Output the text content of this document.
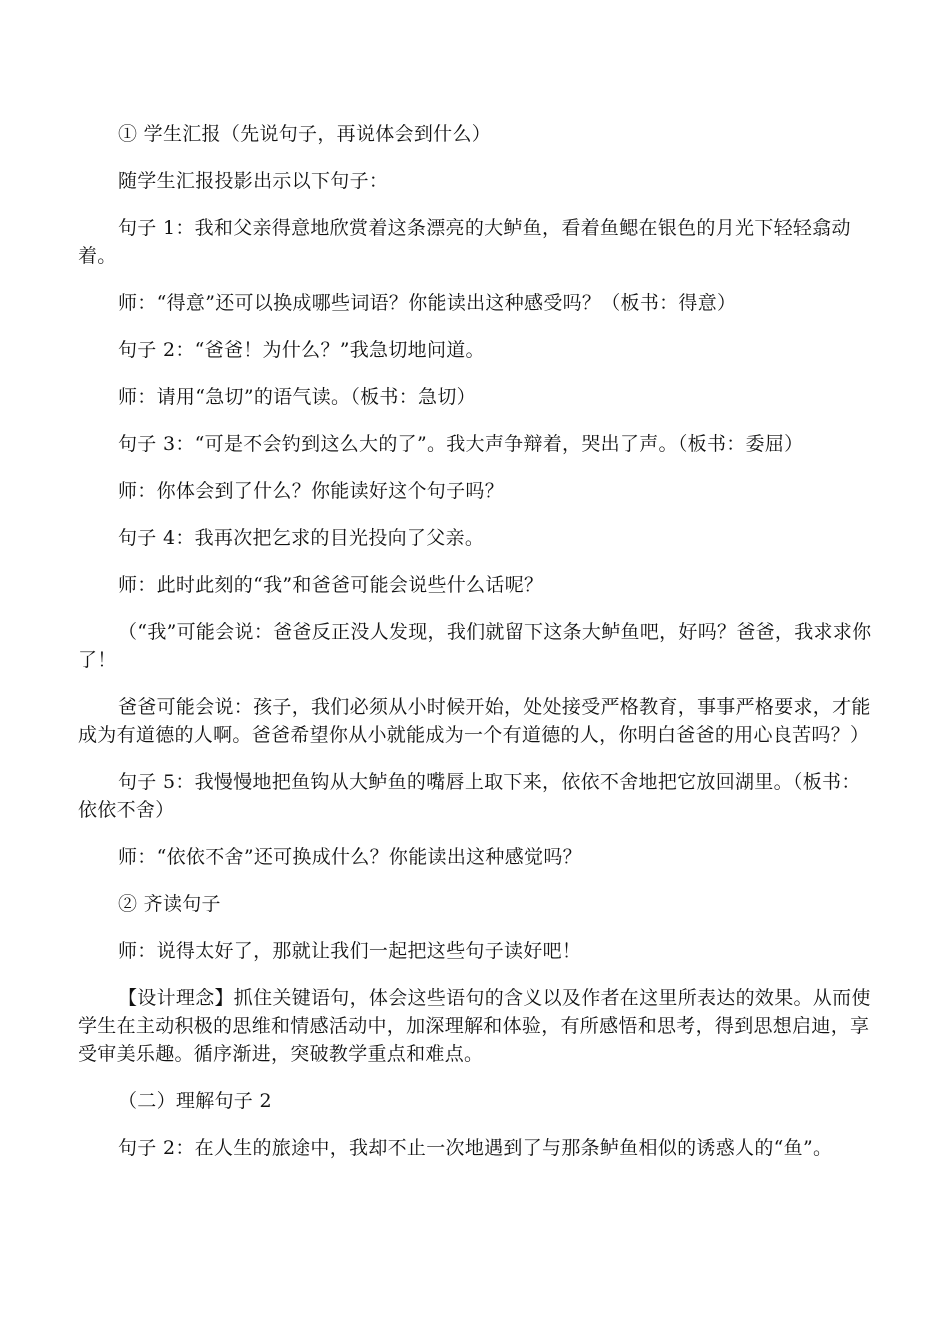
① 学生汇报（先说句子，再说体会到什么）

随学生汇报投影出示以下句子：

句子 1：我和父亲得意地欣赏着这条漂亮的大鲈鱼，看着鱼鳃在银色的月光下轻轻翕动着。

师：“得意”还可以换成哪些词语？你能读出这种感受吗？（板书：得意）

句子 2：“爸爸！为什么？”我急切地问道。

师：请用“急切”的语气读。（板书：急切）

句子 3：“可是不会钓到这么大的了”。我大声争辩着，哭出了声。（板书：委屈）

师：你体会到了什么？你能读好这个句子吗？

句子 4：我再次把乞求的目光投向了父亲。

师：此时此刻的“我”和爸爸可能会说些什么话呢？

（“我”可能会说：爸爸反正没人发现，我们就留下这条大鲈鱼吧，好吗？爸爸，我求求你了！

爸爸可能会说：孩子，我们必须从小时候开始，处处接受严格教育，事事严格要求，才能成为有道德的人啊。爸爸希望你从小就能成为一个有道德的人，你明白爸爸的用心良苦吗？）

句子 5：我慢慢地把鱼钩从大鲈鱼的嘴唇上取下来，依依不舍地把它放回湖里。（板书：依依不舍）

师：“依依不舍”还可换成什么？你能读出这种感觉吗？

② 齐读句子

师：说得太好了，那就让我们一起把这些句子读好吧！

【设计理念】抓住关键语句，体会这些语句的含义以及作者在这里所表达的效果。从而使学生在主动积极的思维和情感活动中，加深理解和体验，有所感悟和思考，得到思想启迪，享受审美乐趣。循序渐进，突破教学重点和难点。

（二）理解句子 2

句子 2：在人生的旅途中，我却不止一次地遇到了与那条鲈鱼相似的诱惑人的“鱼”。
